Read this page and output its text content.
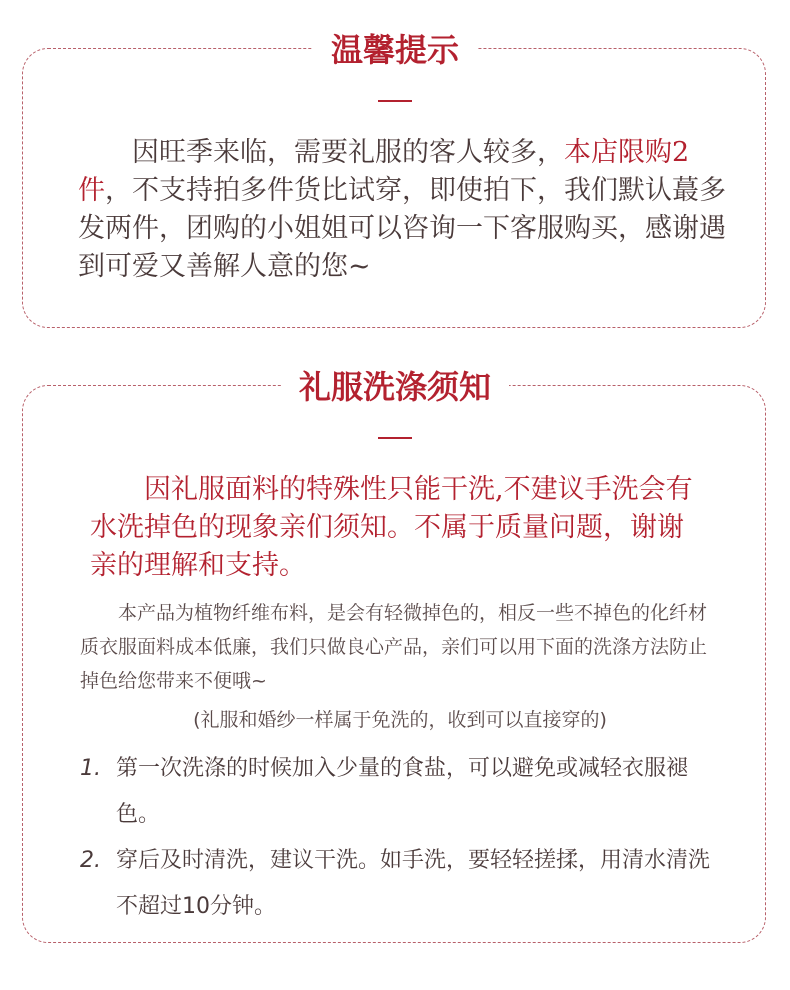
温馨提示

因旺季来临，需要礼服的客人较多，本店限购2件，不支持拍多件货比试穿，即使拍下，我们默认蕞多发两件，团购的小姐姐可以咨询一下客服购买，感谢遇到可爱又善解人意的您~

礼服洗涤须知

因礼服面料的特殊性只能干洗,不建议手洗会有水洗掉色的现象亲们须知。不属于质量问题，谢谢亲的理解和支持。

本产品为植物纤维布料，是会有轻微掉色的，相反一些不掉色的化纤材质衣服面料成本低廉，我们只做良心产品，亲们可以用下面的洗涤方法防止掉色给您带来不便哦~

(礼服和婚纱一样属于免洗的，收到可以直接穿的)

1. 第一次洗涤的时候加入少量的食盐，可以避免或减轻衣服褪色。
2. 穿后及时清洗，建议干洗。如手洗，要轻轻搓揉，用清水清洗不超过10分钟。
